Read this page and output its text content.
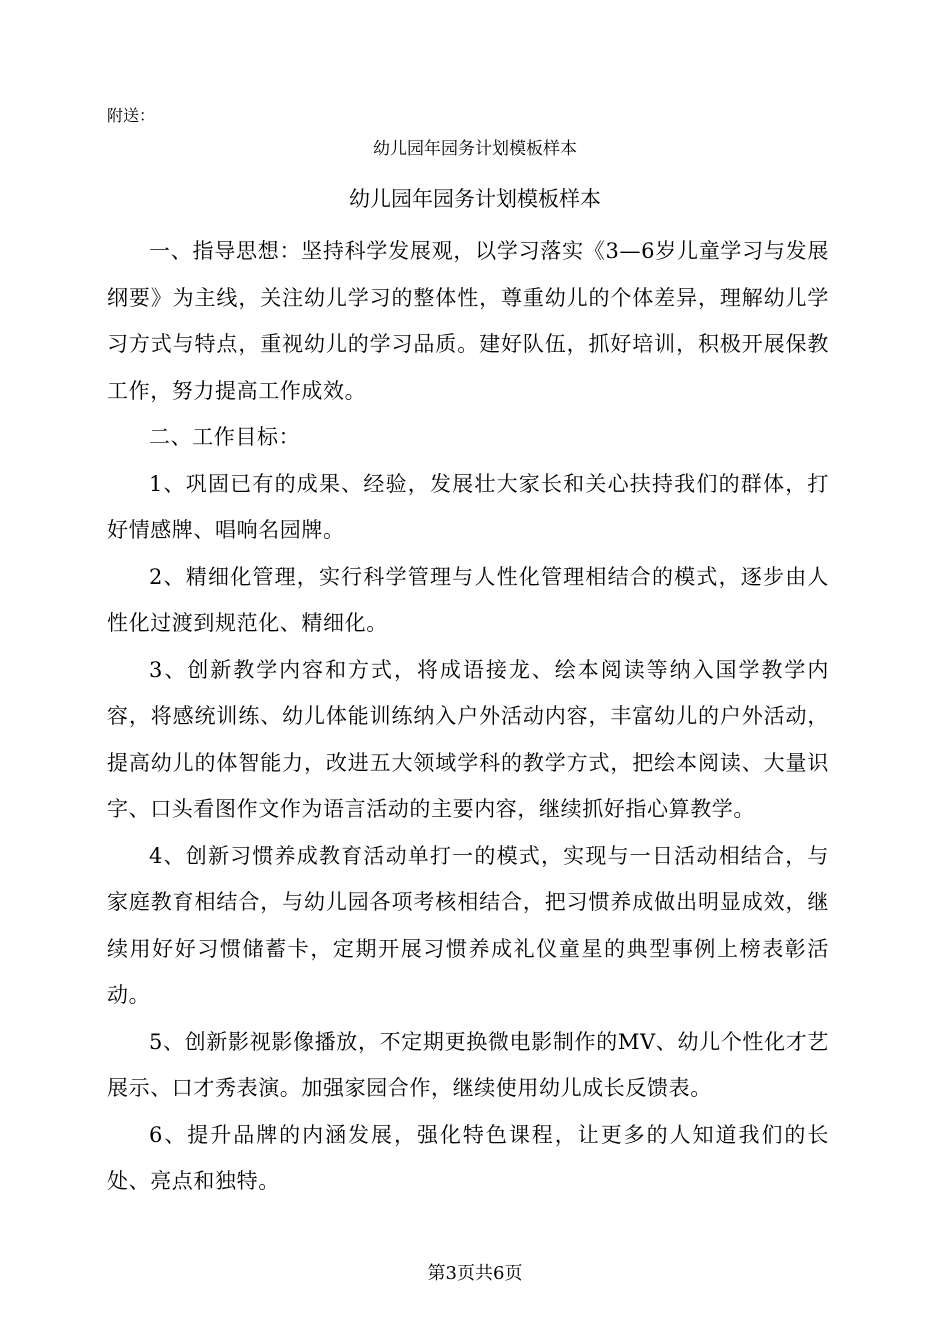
附送：
幼儿园年园务计划模板样本
幼儿园年园务计划模板样本

一、指导思想：坚持科学发展观，以学习落实《3—6岁儿童学习与发展纲要》为主线，关注幼儿学习的整体性，尊重幼儿的个体差异，理解幼儿学习方式与特点，重视幼儿的学习品质。建好队伍，抓好培训，积极开展保教工作，努力提高工作成效。

二、工作目标：

1、巩固已有的成果、经验，发展壮大家长和关心扶持我们的群体，打好情感牌、唱响名园牌。

2、精细化管理，实行科学管理与人性化管理相结合的模式，逐步由人性化过渡到规范化、精细化。

3、创新教学内容和方式，将成语接龙、绘本阅读等纳入国学教学内容，将感统训练、幼儿体能训练纳入户外活动内容，丰富幼儿的户外活动，提高幼儿的体智能力，改进五大领域学科的教学方式，把绘本阅读、大量识字、口头看图作文作为语言活动的主要内容，继续抓好指心算教学。

4、创新习惯养成教育活动单打一的模式，实现与一日活动相结合，与家庭教育相结合，与幼儿园各项考核相结合，把习惯养成做出明显成效，继续用好好习惯储蓄卡，定期开展习惯养成礼仪童星的典型事例上榜表彰活动。

5、创新影视影像播放，不定期更换微电影制作的MV、幼儿个性化才艺展示、口才秀表演。加强家园合作，继续使用幼儿成长反馈表。

6、提升品牌的内涵发展，强化特色课程，让更多的人知道我们的长处、亮点和独特。

第3页共6页
